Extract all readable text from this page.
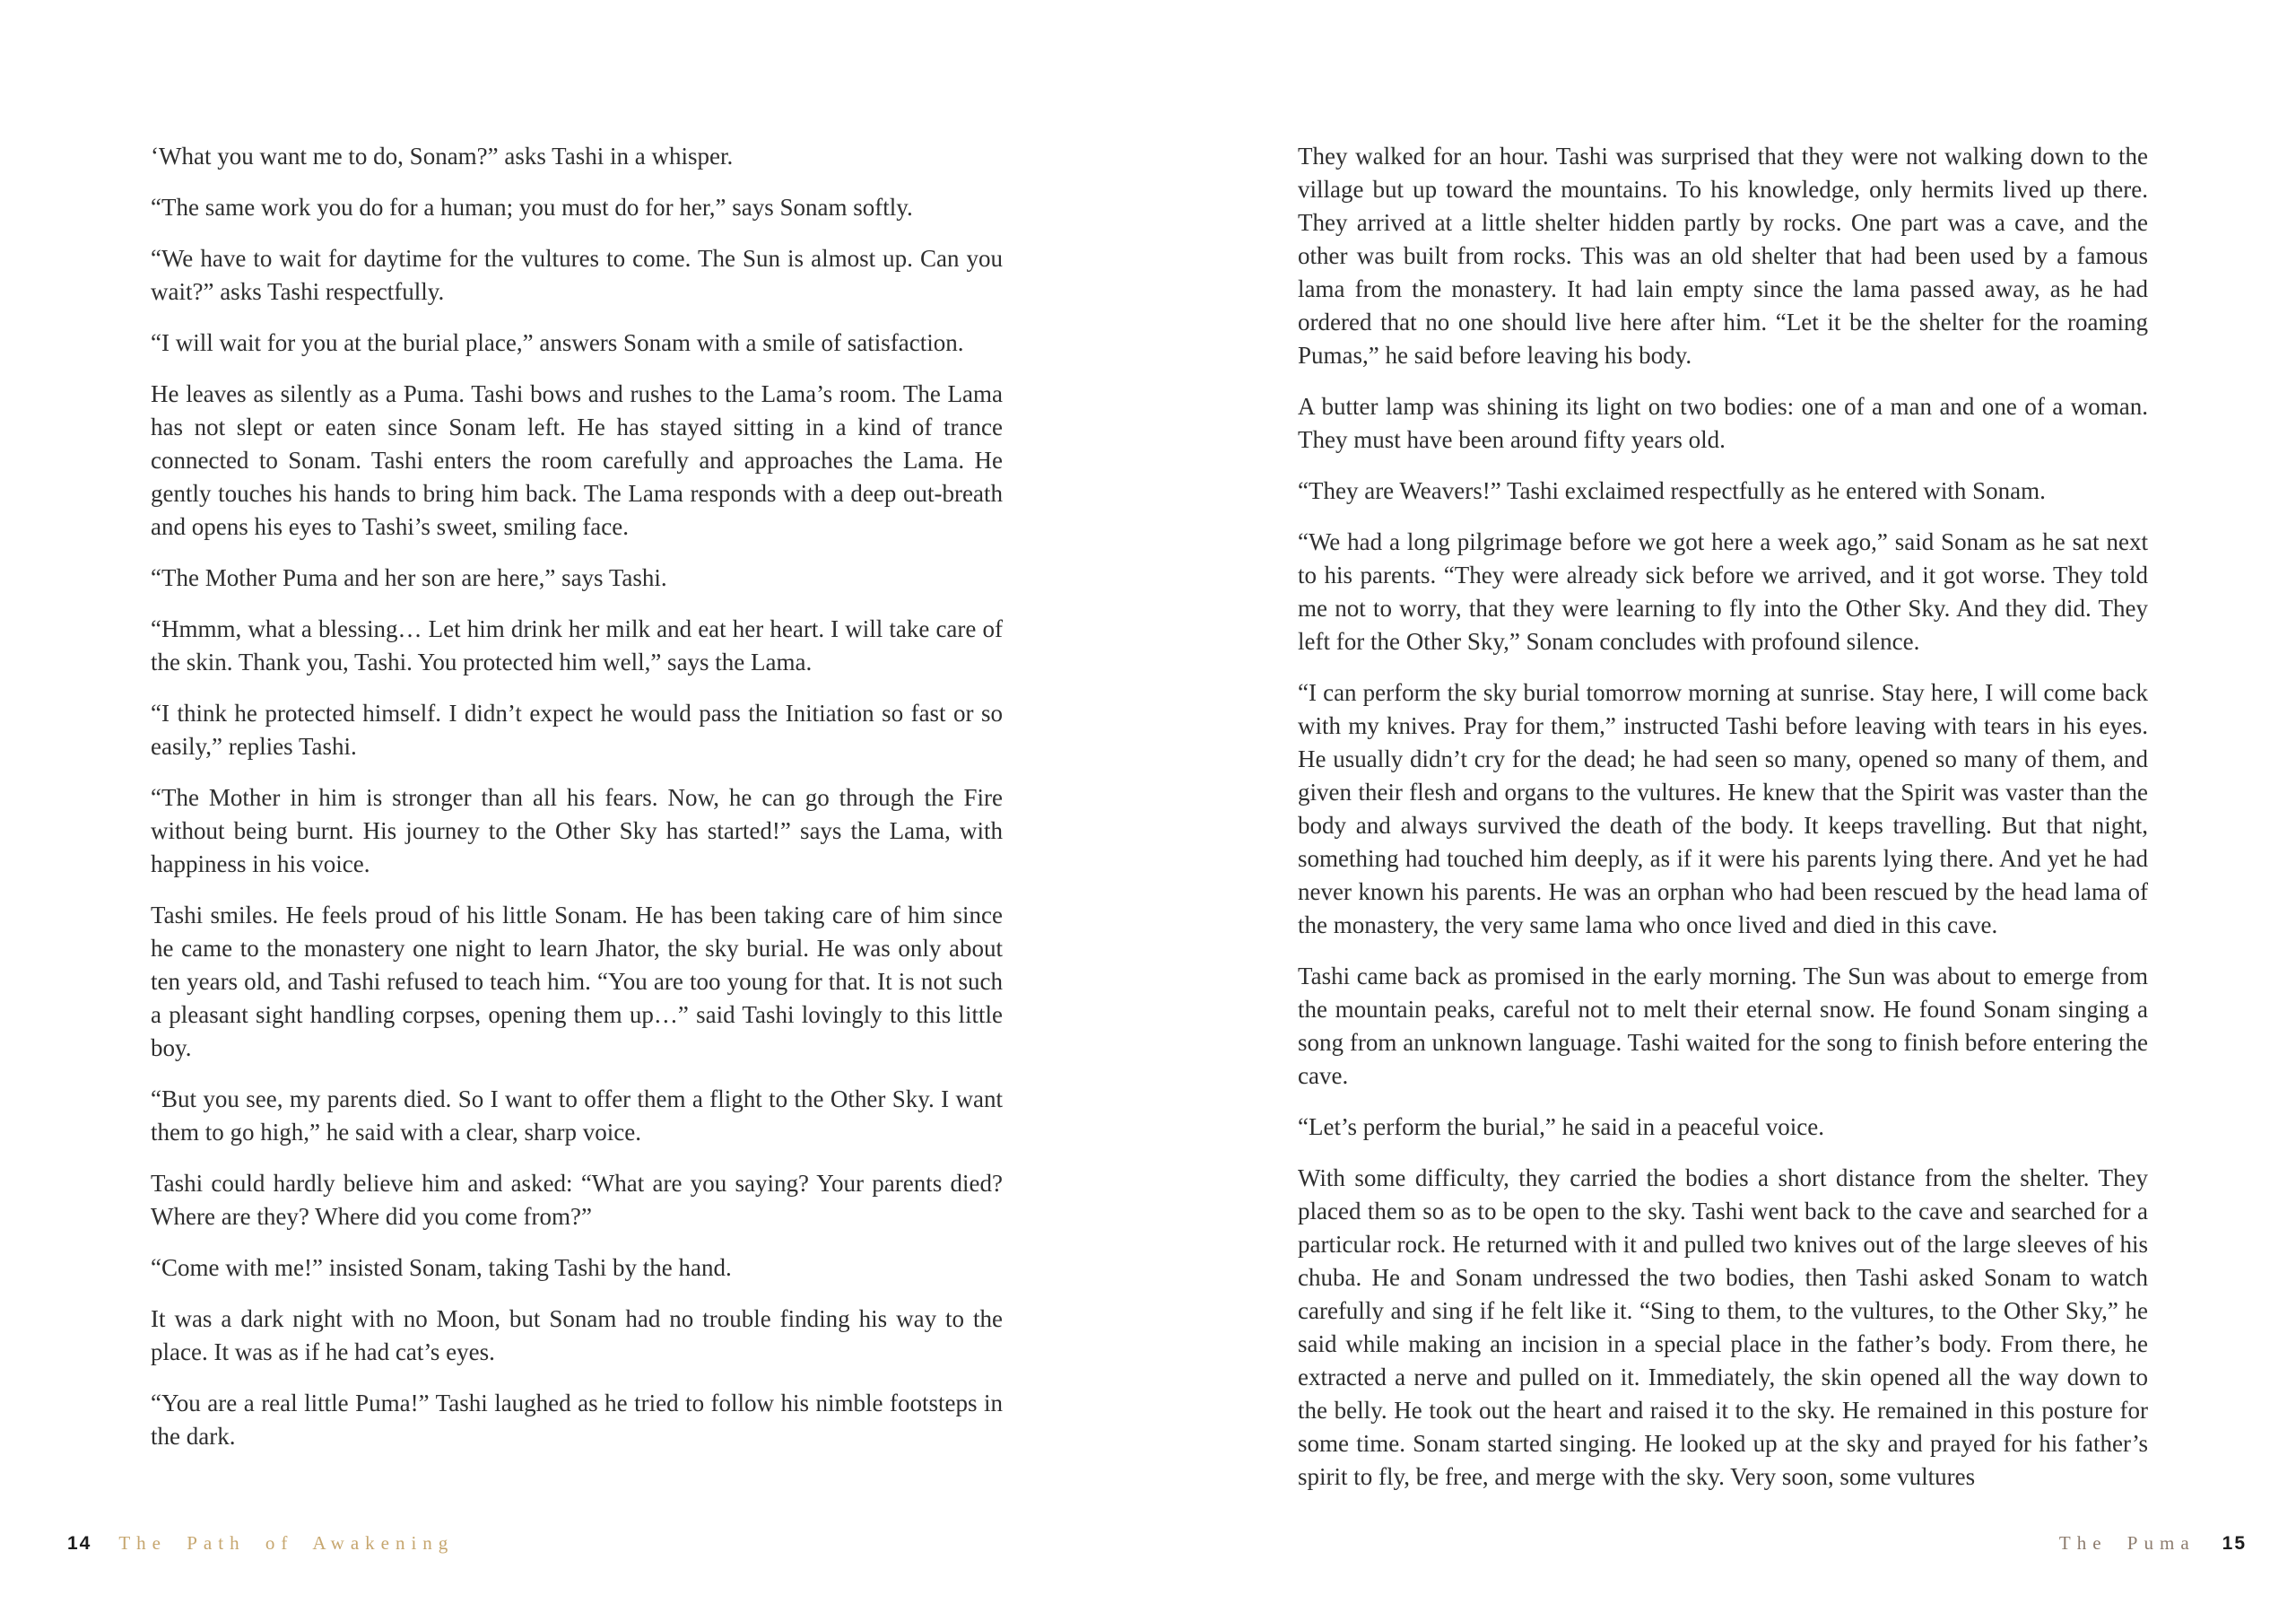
‘What you want me to do, Sonam?” asks Tashi in a whisper.

“The same work you do for a human; you must do for her,” says Sonam softly.

“We have to wait for daytime for the vultures to come. The Sun is almost up. Can you wait?” asks Tashi respectfully.

“I will wait for you at the burial place,” answers Sonam with a smile of satisfaction.

He leaves as silently as a Puma. Tashi bows and rushes to the Lama’s room. The Lama has not slept or eaten since Sonam left. He has stayed sitting in a kind of trance connected to Sonam. Tashi enters the room carefully and approaches the Lama. He gently touches his hands to bring him back. The Lama responds with a deep out-breath and opens his eyes to Tashi’s sweet, smiling face.

“The Mother Puma and her son are here,” says Tashi.

“Hmmm, what a blessing… Let him drink her milk and eat her heart. I will take care of the skin. Thank you, Tashi. You protected him well,” says the Lama.

“I think he protected himself. I didn’t expect he would pass the Initiation so fast or so easily,” replies Tashi.

“The Mother in him is stronger than all his fears. Now, he can go through the Fire without being burnt. His journey to the Other Sky has started!” says the Lama, with happiness in his voice.

Tashi smiles. He feels proud of his little Sonam. He has been taking care of him since he came to the monastery one night to learn Jhator, the sky burial. He was only about ten years old, and Tashi refused to teach him. “You are too young for that. It is not such a pleasant sight handling corpses, opening them up…” said Tashi lovingly to this little boy.

“But you see, my parents died. So I want to offer them a flight to the Other Sky. I want them to go high,” he said with a clear, sharp voice.

Tashi could hardly believe him and asked: “What are you saying? Your parents died? Where are they? Where did you come from?”

“Come with me!” insisted Sonam, taking Tashi by the hand.

It was a dark night with no Moon, but Sonam had no trouble finding his way to the place. It was as if he had cat’s eyes.

“You are a real little Puma!” Tashi laughed as he tried to follow his nimble footsteps in the dark.

14 The Path of Awakening

They walked for an hour. Tashi was surprised that they were not walking down to the village but up toward the mountains. To his knowledge, only hermits lived up there. They arrived at a little shelter hidden partly by rocks. One part was a cave, and the other was built from rocks. This was an old shelter that had been used by a famous lama from the monastery. It had lain empty since the lama passed away, as he had ordered that no one should live here after him. “Let it be the shelter for the roaming Pumas,” he said before leaving his body.

A butter lamp was shining its light on two bodies: one of a man and one of a woman. They must have been around fifty years old.

“They are Weavers!” Tashi exclaimed respectfully as he entered with Sonam.

“We had a long pilgrimage before we got here a week ago,” said Sonam as he sat next to his parents. “They were already sick before we arrived, and it got worse. They told me not to worry, that they were learning to fly into the Other Sky. And they did. They left for the Other Sky,” Sonam concludes with profound silence.

“I can perform the sky burial tomorrow morning at sunrise. Stay here, I will come back with my knives. Pray for them,” instructed Tashi before leaving with tears in his eyes. He usually didn’t cry for the dead; he had seen so many, opened so many of them, and given their flesh and organs to the vultures. He knew that the Spirit was vaster than the body and always survived the death of the body. It keeps travelling. But that night, something had touched him deeply, as if it were his parents lying there. And yet he had never known his parents. He was an orphan who had been rescued by the head lama of the monastery, the very same lama who once lived and died in this cave.

Tashi came back as promised in the early morning. The Sun was about to emerge from the mountain peaks, careful not to melt their eternal snow. He found Sonam singing a song from an unknown language. Tashi waited for the song to finish before entering the cave.

“Let’s perform the burial,” he said in a peaceful voice.

With some difficulty, they carried the bodies a short distance from the shelter. They placed them so as to be open to the sky. Tashi went back to the cave and searched for a particular rock. He returned with it and pulled two knives out of the large sleeves of his chuba. He and Sonam undressed the two bodies, then Tashi asked Sonam to watch carefully and sing if he felt like it. “Sing to them, to the vultures, to the Other Sky,” he said while making an incision in a special place in the father’s body. From there, he extracted a nerve and pulled on it. Immediately, the skin opened all the way down to the belly. He took out the heart and raised it to the sky. He remained in this posture for some time. Sonam started singing. He looked up at the sky and prayed for his father’s spirit to fly, be free, and merge with the sky. Very soon, some vultures

The Puma 15
